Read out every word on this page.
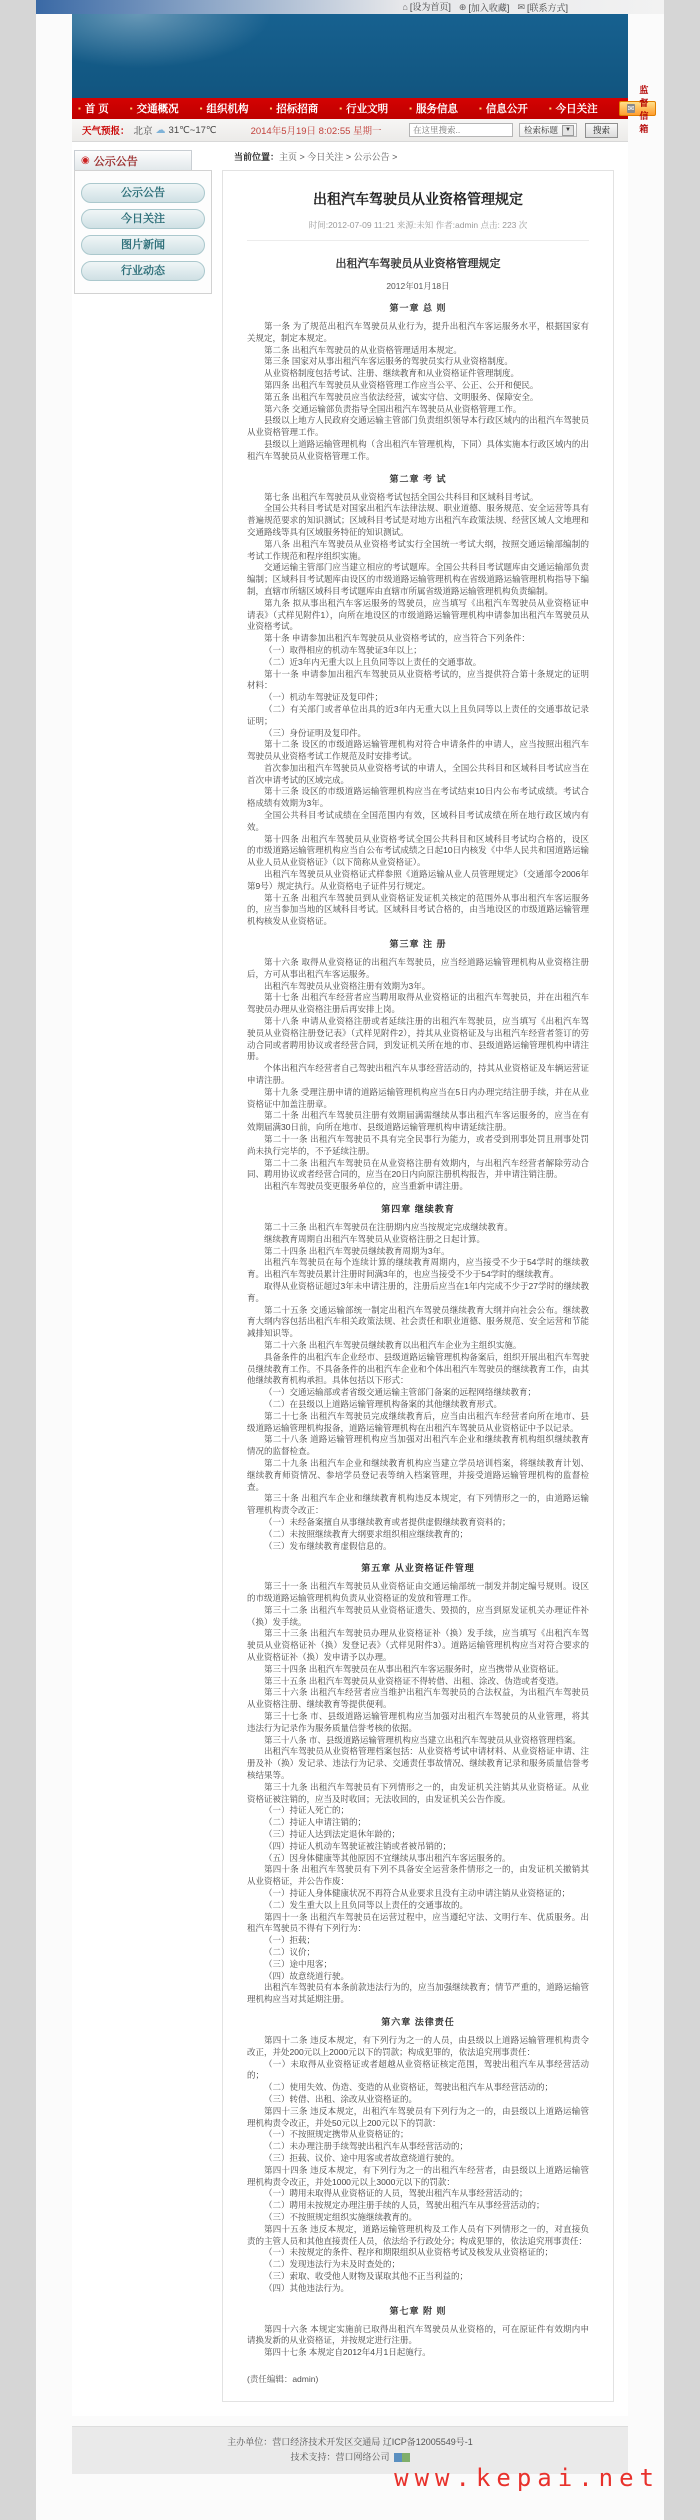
⌂ [设为首页] ⊕ [加入收藏] ✉ [联系方式]
▪ 首 页	▪ 交通概况	▪ 组织机构	▪ 招标招商	▪ 行业文明	▪ 服务信息	▪ 信息公开	▪ 今日关注	✉
监督信箱
天气预报： 北京 ☁ 31℃~17℃	2014年5月19日 8:02:55 星期一
在这里搜索..	检索标题	▼	搜索
◉ 公示公告
公示公告
今日关注
图片新闻
行业动态
当前位置：主页 > 今日关注 > 公示公告 >
出租汽车驾驶员从业资格管理规定
时间:2012-07-09 11:21 来源:未知 作者:admin 点击: 223 次
出租汽车驾驶员从业资格管理规定
2012年01月18日
第一章 总 则

第一条 为了规范出租汽车驾驶员从业行为，提升出租汽车客运服务水平，根据国家有关规定，制定本规定。

第二条 出租汽车驾驶员的从业资格管理适用本规定。

第三条 国家对从事出租汽车客运服务的驾驶员实行从业资格制度。

从业资格制度包括考试、注册、继续教育和从业资格证件管理制度。

第四条 出租汽车驾驶员从业资格管理工作应当公平、公正、公开和便民。

第五条 出租汽车驾驶员应当依法经营，诚实守信、文明服务、保障安全。

第六条 交通运输部负责指导全国出租汽车驾驶员从业资格管理工作。

县级以上地方人民政府交通运输主管部门负责组织领导本行政区域内的出租汽车驾驶员从业资格管理工作。

县级以上道路运输管理机构（含出租汽车管理机构，下同）具体实施本行政区域内的出租汽车驾驶员从业资格管理工作。

第二章 考 试

第七条 出租汽车驾驶员从业资格考试包括全国公共科目和区域科目考试。

全国公共科目考试是对国家出租汽车法律法规、职业道德、服务规范、安全运营等具有普遍规范要求的知识测试；区域科目考试是对地方出租汽车政策法规、经营区域人文地理和交通路线等具有区域服务特征的知识测试。

第八条 出租汽车驾驶员从业资格考试实行全国统一考试大纲，按照交通运输部编制的考试工作规范和程序组织实施。

交通运输主管部门应当建立相应的考试题库。全国公共科目考试题库由交通运输部负责编制；区域科目考试题库由设区的市级道路运输管理机构在省级道路运输管理机构指导下编制，直辖市所辖区域科目考试题库由直辖市所属省级道路运输管理机构负责编制。

第九条 拟从事出租汽车客运服务的驾驶员，应当填写《出租汽车驾驶员从业资格证申请表》（式样见附件1），向所在地设区的市级道路运输管理机构申请参加出租汽车驾驶员从业资格考试。

第十条 申请参加出租汽车驾驶员从业资格考试的，应当符合下列条件：

（一）取得相应的机动车驾驶证3年以上；

（二）近3年内无重大以上且负同等以上责任的交通事故。

第十一条 申请参加出租汽车驾驶员从业资格考试的，应当提供符合第十条规定的证明材料：

（一）机动车驾驶证及复印件；

（二）有关部门或者单位出具的近3年内无重大以上且负同等以上责任的交通事故记录证明；

（三）身份证明及复印件。

第十二条 设区的市级道路运输管理机构对符合申请条件的申请人，应当按照出租汽车驾驶员从业资格考试工作规范及时安排考试。

首次参加出租汽车驾驶员从业资格考试的申请人，全国公共科目和区域科目考试应当在首次申请考试的区域完成。

第十三条 设区的市级道路运输管理机构应当在考试结束10日内公布考试成绩。考试合格成绩有效期为3年。

全国公共科目考试成绩在全国范围内有效，区域科目考试成绩在所在地行政区域内有效。

第十四条 出租汽车驾驶员从业资格考试全国公共科目和区域科目考试均合格的，设区的市级道路运输管理机构应当自公布考试成绩之日起10日内核发《中华人民共和国道路运输从业人员从业资格证》（以下简称从业资格证）。

出租汽车驾驶员从业资格证式样参照《道路运输从业人员管理规定》（交通部令2006年第9号）规定执行。从业资格电子证件另行规定。

第十五条 出租汽车驾驶员到从业资格证发证机关核定的范围外从事出租汽车客运服务的，应当参加当地的区域科目考试。区域科目考试合格的，由当地设区的市级道路运输管理机构核发从业资格证。

第三章 注 册

第十六条 取得从业资格证的出租汽车驾驶员，应当经道路运输管理机构从业资格注册后，方可从事出租汽车客运服务。

出租汽车驾驶员从业资格注册有效期为3年。

第十七条 出租汽车经营者应当聘用取得从业资格证的出租汽车驾驶员，并在出租汽车驾驶员办理从业资格注册后再安排上岗。

第十八条 申请从业资格注册或者延续注册的出租汽车驾驶员，应当填写《出租汽车驾驶员从业资格注册登记表》（式样见附件2），持其从业资格证及与出租汽车经营者签订的劳动合同或者聘用协议或者经营合同，到发证机关所在地的市、县级道路运输管理机构申请注册。

个体出租汽车经营者自己驾驶出租汽车从事经营活动的，持其从业资格证及车辆运营证申请注册。

第十九条 受理注册申请的道路运输管理机构应当在5日内办理完结注册手续，并在从业资格证中加盖注册章。

第二十条 出租汽车驾驶员注册有效期届满需继续从事出租汽车客运服务的，应当在有效期届满30日前，向所在地市、县级道路运输管理机构申请延续注册。

第二十一条 出租汽车驾驶员不具有完全民事行为能力，或者受到刑事处罚且刑事处罚尚未执行完毕的，不予延续注册。

第二十二条 出租汽车驾驶员在从业资格注册有效期内，与出租汽车经营者解除劳动合同、聘用协议或者经营合同的，应当在20日内向原注册机构报告，并申请注销注册。

出租汽车驾驶员变更服务单位的，应当重新申请注册。

第四章 继续教育

第二十三条 出租汽车驾驶员在注册期内应当按规定完成继续教育。

继续教育周期自出租汽车驾驶员从业资格注册之日起计算。

第二十四条 出租汽车驾驶员继续教育周期为3年。

出租汽车驾驶员在每个连续计算的继续教育周期内，应当接受不少于54学时的继续教育。出租汽车驾驶员累计注册时间满3年的，也应当接受不少于54学时的继续教育。

取得从业资格证超过3年未申请注册的，注册后应当在1年内完成不少于27学时的继续教育。

第二十五条 交通运输部统一制定出租汽车驾驶员继续教育大纲并向社会公布。继续教育大纲内容包括出租汽车相关政策法规、社会责任和职业道德、服务规范、安全运营和节能减排知识等。

第二十六条 出租汽车驾驶员继续教育以出租汽车企业为主组织实施。

具备条件的出租汽车企业经市、县级道路运输管理机构备案后，组织开展出租汽车驾驶员继续教育工作。不具备条件的出租汽车企业和个体出租汽车驾驶员的继续教育工作，由其他继续教育机构承担。具体包括以下形式：

（一）交通运输部或者省级交通运输主管部门备案的远程网络继续教育；

（二）在县级以上道路运输管理机构备案的其他继续教育形式。

第二十七条 出租汽车驾驶员完成继续教育后，应当由出租汽车经营者向所在地市、县级道路运输管理机构报备，道路运输管理机构在出租汽车驾驶员从业资格证中予以记录。

第二十八条 道路运输管理机构应当加强对出租汽车企业和继续教育机构组织继续教育情况的监督检查。

第二十九条 出租汽车企业和继续教育机构应当建立学员培训档案，将继续教育计划、继续教育师资情况、参培学员登记表等纳入档案管理，并接受道路运输管理机构的监督检查。

第三十条 出租汽车企业和继续教育机构违反本规定，有下列情形之一的，由道路运输管理机构责令改正：

（一）未经备案擅自从事继续教育或者提供虚假继续教育资料的；

（二）未按照继续教育大纲要求组织相应继续教育的；

（三）发布继续教育虚假信息的。

第五章 从业资格证件管理

第三十一条 出租汽车驾驶员从业资格证由交通运输部统一制发并制定编号规则。设区的市级道路运输管理机构负责从业资格证的发放和管理工作。

第三十二条 出租汽车驾驶员从业资格证遗失、毁损的，应当到原发证机关办理证件补（换）发手续。

第三十三条 出租汽车驾驶员办理从业资格证补（换）发手续，应当填写《出租汽车驾驶员从业资格证补（换）发登记表》（式样见附件3）。道路运输管理机构应当对符合要求的从业资格证补（换）发申请予以办理。

第三十四条 出租汽车驾驶员在从事出租汽车客运服务时，应当携带从业资格证。

第三十五条 出租汽车驾驶员从业资格证不得转借、出租、涂改、伪造或者变造。

第三十六条 出租汽车经营者应当维护出租汽车驾驶员的合法权益，为出租汽车驾驶员从业资格注册、继续教育等提供便利。

第三十七条 市、县级道路运输管理机构应当加强对出租汽车驾驶员的从业管理，将其违法行为记录作为服务质量信誉考核的依据。

第三十八条 市、县级道路运输管理机构应当建立出租汽车驾驶员从业资格管理档案。

出租汽车驾驶员从业资格管理档案包括：从业资格考试申请材料、从业资格证申请、注册及补（换）发记录、违法行为记录、交通责任事故情况、继续教育记录和服务质量信誉考核结果等。

第三十九条 出租汽车驾驶员有下列情形之一的，由发证机关注销其从业资格证。从业资格证被注销的，应当及时收回；无法收回的，由发证机关公告作废。

（一）持证人死亡的；

（二）持证人申请注销的；

（三）持证人达到法定退休年龄的；

（四）持证人机动车驾驶证被注销或者被吊销的；

（五）因身体健康等其他原因不宜继续从事出租汽车客运服务的。

第四十条 出租汽车驾驶员有下列不具备安全运营条件情形之一的，由发证机关撤销其从业资格证，并公告作废：

（一）持证人身体健康状况不再符合从业要求且没有主动申请注销从业资格证的；

（二）发生重大以上且负同等以上责任的交通事故的。

第四十一条 出租汽车驾驶员在运营过程中，应当遵纪守法、文明行车、优质服务。出租汽车驾驶员不得有下列行为：

（一）拒载；

（二）议价；

（三）途中甩客；

（四）故意绕道行驶。

出租汽车驾驶员有本条前款违法行为的，应当加强继续教育；情节严重的，道路运输管理机构应当对其延期注册。

第六章 法律责任

第四十二条 违反本规定，有下列行为之一的人员，由县级以上道路运输管理机构责令改正，并处200元以上2000元以下的罚款；构成犯罪的，依法追究刑事责任：

（一）未取得从业资格证或者超越从业资格证核定范围，驾驶出租汽车从事经营活动的；

（二）使用失效、伪造、变造的从业资格证，驾驶出租汽车从事经营活动的；

（三）转借、出租、涂改从业资格证的。

第四十三条 违反本规定，出租汽车驾驶员有下列行为之一的，由县级以上道路运输管理机构责令改正，并处50元以上200元以下的罚款：

（一）不按照规定携带从业资格证的；

（二）未办理注册手续驾驶出租汽车从事经营活动的；

（三）拒载、议价、途中甩客或者故意绕道行驶的。

第四十四条 违反本规定，有下列行为之一的出租汽车经营者，由县级以上道路运输管理机构责令改正，并处1000元以上3000元以下的罚款：

（一）聘用未取得从业资格证的人员，驾驶出租汽车从事经营活动的；

（二）聘用未按规定办理注册手续的人员，驾驶出租汽车从事经营活动的；

（三）不按照规定组织实施继续教育的。

第四十五条 违反本规定，道路运输管理机构及工作人员有下列情形之一的，对直接负责的主管人员和其他直接责任人员，依法给予行政处分；构成犯罪的，依法追究刑事责任：

（一）未按规定的条件、程序和期限组织从业资格考试及核发从业资格证的；

（二）发现违法行为未及时查处的；

（三）索取、收受他人财物及谋取其他不正当利益的；

（四）其他违法行为。

第七章 附 则

第四十六条 本规定实施前已取得出租汽车驾驶员从业资格的，可在原证件有效期内申请换发新的从业资格证，并按规定进行注册。

第四十七条 本规定自2012年4月1日起施行。

(责任编辑：admin)
主办单位：营口经济技术开发区交通局 辽ICP备12005549号-1
技术支持：营口网络公司
www.kepai.net
